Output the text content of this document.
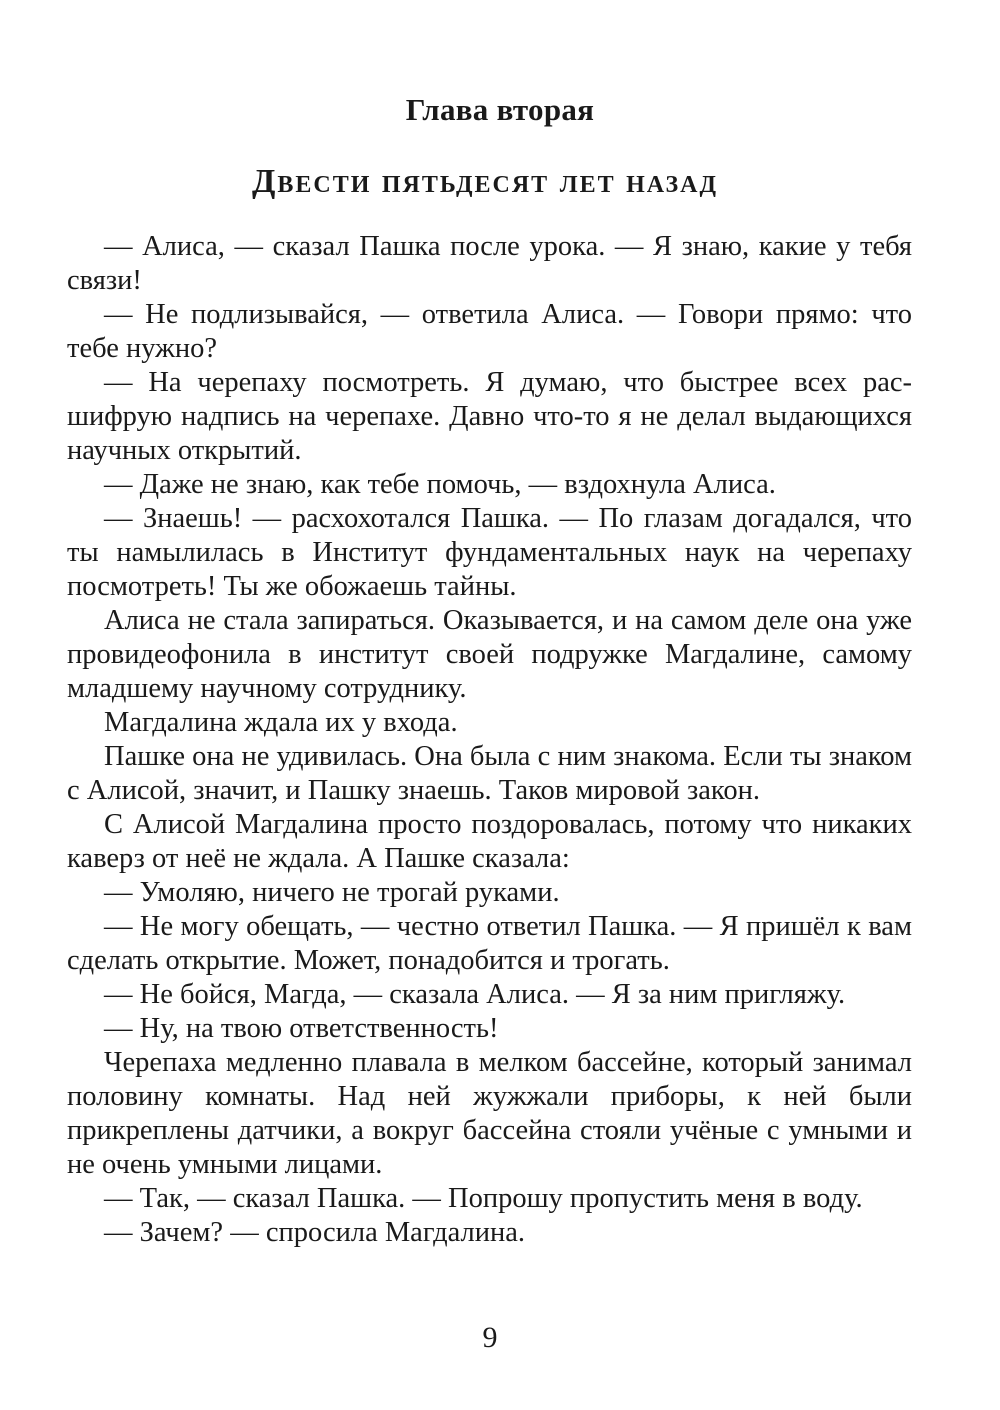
Глава вторая
Двести пятьдесят лет назад

— Алиса, — сказал Пашка после урока. — Я знаю, какие у тебя связи!

— Не подлизывайся, — ответила Алиса. — Говори прямо: что тебе нужно?

— На черепаху посмотреть. Я думаю, что быстрее всех расшифрую надпись на черепахе. Давно что-то я не делал выдающихся научных открытий.

— Даже не знаю, как тебе помочь, — вздохнула Алиса.

— Знаешь! — расхохотался Пашка. — По глазам догадался, что ты намылилась в Институт фундаментальных наук на черепаху посмотреть! Ты же обожаешь тайны.

Алиса не стала запираться. Оказывается, и на самом деле она уже провидеофонила в институт своей подружке Магдалине, самому младшему научному сотруднику.

Магдалина ждала их у входа.

Пашке она не удивилась. Она была с ним знакома. Если ты знаком с Алисой, значит, и Пашку знаешь. Таков мировой закон.

С Алисой Магдалина просто поздоровалась, потому что никаких каверз от неё не ждала. А Пашке сказала:

— Умоляю, ничего не трогай руками.

— Не могу обещать, — честно ответил Пашка. — Я пришёл к вам сделать открытие. Может, понадобится и трогать.

— Не бойся, Магда, — сказала Алиса. — Я за ним пригляжу.

— Ну, на твою ответственность!

Черепаха медленно плавала в мелком бассейне, который занимал половину комнаты. Над ней жужжали приборы, к ней были прикреплены датчики, а вокруг бассейна стояли учёные с умными и не очень умными лицами.

— Так, — сказал Пашка. — Попрошу пропустить меня в воду.

— Зачем? — спросила Магдалина.

9
